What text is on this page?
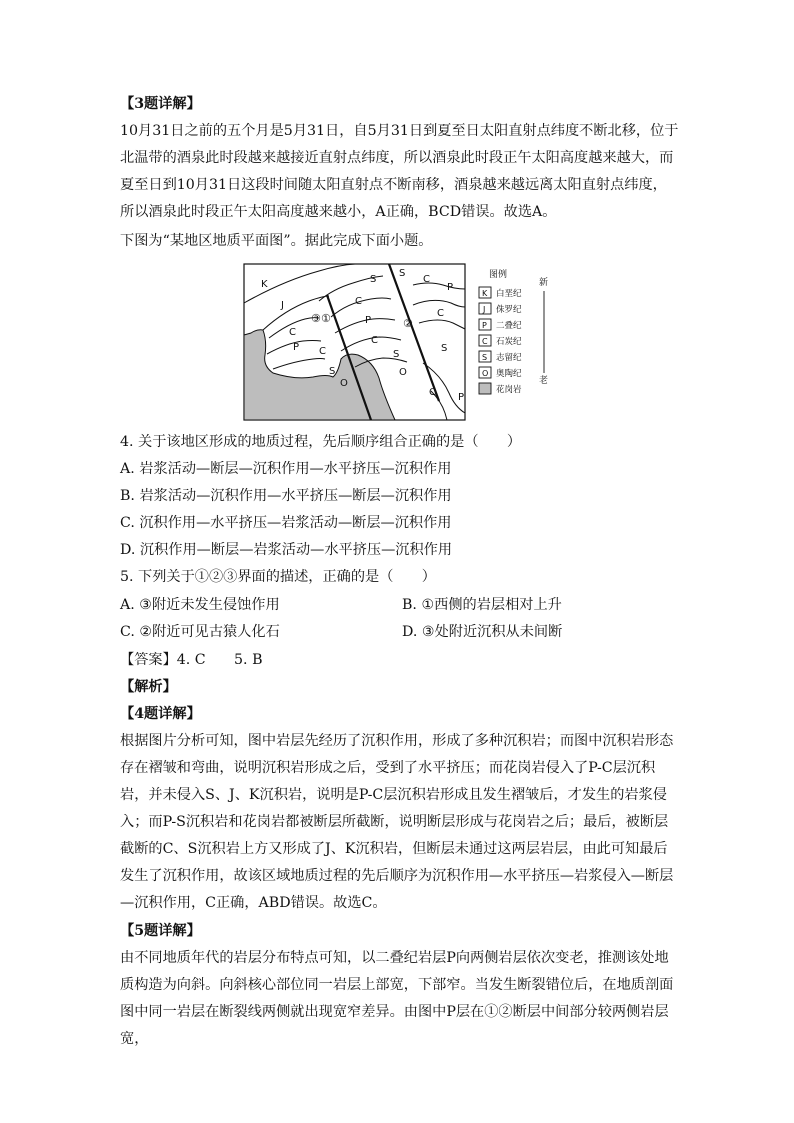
【3题详解】

10月31日之前的五个月是5月31日，自5月31日到夏至日太阳直射点纬度不断北移，位于北温带的酒泉此时段越来越接近直射点纬度，所以酒泉此时段正午太阳高度越来越大，而夏至日到10月31日这段时间随太阳直射点不断南移，酒泉越来越远离太阳直射点纬度，所以酒泉此时段正午太阳高度越来越小，A正确，BCD错误。故选A。

下图为“某地区地质平面图”。据此完成下面小题。

③ ①	②
K
J
S
S
C
C
P
C
P
C
P C
C
S
O
S
O
S
C P
S
图例
K 白垩纪
J 侏罗纪
P 二叠纪
C 石炭纪
S 志留纪
O 奥陶纪
花岗岩
新
老

4. 关于该地区形成的地质过程，先后顺序组合正确的是（　　）

A. 岩浆活动—断层—沉积作用—水平挤压—沉积作用

B. 岩浆活动—沉积作用—水平挤压—断层—沉积作用

C. 沉积作用—水平挤压—岩浆活动—断层—沉积作用

D. 沉积作用—断层—岩浆活动—水平挤压—沉积作用

5. 下列关于①②③界面的描述，正确的是（　　）

A. ③附近未发生侵蚀作用	B. ①西侧的岩层相对上升

C. ②附近可见古猿人化石	D. ③处附近沉积从未间断

【答案】4. C　　5. B

【解析】

【4题详解】

根据图片分析可知，图中岩层先经历了沉积作用，形成了多种沉积岩；而图中沉积岩形态存在褶皱和弯曲，说明沉积岩形成之后，受到了水平挤压；而花岗岩侵入了P-C层沉积岩，并未侵入S、J、K沉积岩，说明是P-C层沉积岩形成且发生褶皱后，才发生的岩浆侵入；而P-S沉积岩和花岗岩都被断层所截断，说明断层形成与花岗岩之后；最后，被断层截断的C、S沉积岩上方又形成了J、K沉积岩，但断层未通过这两层岩层，由此可知最后发生了沉积作用，故该区域地质过程的先后顺序为沉积作用—水平挤压—岩浆侵入—断层—沉积作用，C正确，ABD错误。故选C。

【5题详解】

由不同地质年代的岩层分布特点可知，以二叠纪岩层P向两侧岩层依次变老，推测该处地质构造为向斜。向斜核心部位同一岩层上部宽，下部窄。当发生断裂错位后，在地质剖面图中同一岩层在断裂线两侧就出现宽窄差异。由图中P层在①②断层中间部分较两侧岩层宽，
